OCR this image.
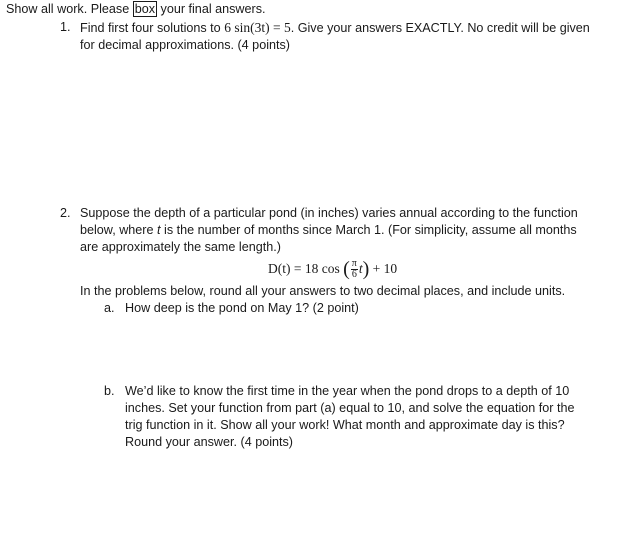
Show all work. Please box your final answers.
1. Find first four solutions to 6 sin(3t) = 5. Give your answers EXACTLY. No credit will be given
for decimal approximations. (4 points)
2. Suppose the depth of a particular pond (in inches) varies annual according to the function
below, where t is the number of months since March 1. (For simplicity, assume all months
are approximately the same length.)
D(t) = 18 cos ( $\frac{\pi}{6} t) + 10$
In the problems below, round all your answers to two decimal places, and include units.
a. How deep is the pond on May 1? (2 point)
b. We’d like to know the first time in the year when the pond drops to a depth of 10
inches. Set your function from part (a) equal to 10, and solve the equation for the
trig function in it. Show all your work! What month and approximate day is this?
Round your answer. (4 points)
